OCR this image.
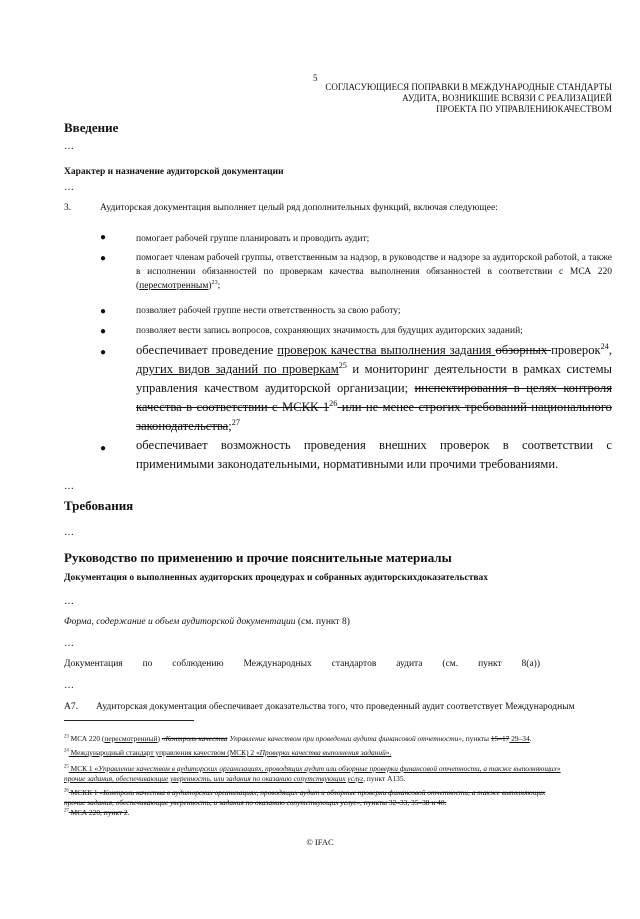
5
СОГЛАСУЮЩИЕСЯ ПОПРАВКИ В МЕЖДУНАРОДНЫЕ СТАНДАРТЫ
АУДИТА, ВОЗНИКШИЕ ВСВЯЗИ С РЕАЛИЗАЦИЕЙ
ПРОЕКТА ПО УПРАВЛЕНИЮКАЧЕСТВОМ
Введение
…
Характер и назначение аудиторской документации
…
3.	Аудиторская документация выполняет целый ряд дополнительных функций, включая следующее:
●	помогает рабочей группе планировать и проводить аудит;
●	помогает членам рабочей группы, ответственным за надзор, в руководстве и надзоре за аудиторской работой, а также в исполнении обязанностей по проверкам качества выполнения обязанностей в соответствии с МСА 220 (пересмотренным)$^{23}$;
●	позволяет рабочей группе нести ответственность за свою работу;
●	позволяет вести запись вопросов, сохраняющих значимость для будущих аудиторских заданий;
● обеспечивает проведение проверок качества выполнения задания обзорных проверок$^{24}$, других видов заданий по проверкам$^{25}$ и мониторинг деятельности в рамках системы управления качеством аудиторской организации; инспектирования в целях контроля качества в соответствии с МСКК $1^{26}$ или не менее строгих требований национального законодательства;$^{27}$
● обеспечивает возможность проведения внешних проверок в соответствии с применимыми законодательными, нормативными или прочими требованиями.
…
Требования
…
Руководство по применению и прочие пояснительные материалы
Документация о выполненных аудиторских процедурах и собранных аудиторскихдоказательствах
…
Форма, содержание и объем аудиторской документации (см. пункт 8)
…
Документация по соблюдению Международных стандартов аудита (см. пункт 8(a))
…
A7. Аудиторская документация обеспечивает доказательства того, что проведенный аудит соответствует Международным
$^{23}$ МСА 220 (пересмотренный) «Контроль качества Управление качеством при проведении аудита финансовой отчетности», пункты 15–17 29–34.
$^{24}$ Международный стандарт управления качеством (МСК) 2 «Проверки качества выполнения заданий».
$^{25}$ МСК 1 «Управление качеством в аудиторских организациях, проводящих аудит или обзорные проверки финансовой отчетности, а также выполняющих»
прочие задания, обеспечивающие уверенность, или задания по оказанию сопутствующих услуг, пункт A135.
$^{26}$ МСКК 1 «Контроль качества в аудиторских организациях, проводящих аудит и обзорные проверки финансовой отчетности, а также выполняющих
прочие задания, обеспечивающие уверенность, и задания по оказанию сопутствующих услуг», пункты 32–33, 35–38 и 48.
$^{27}$ МСА 220, пункт 2.
© IFAC
